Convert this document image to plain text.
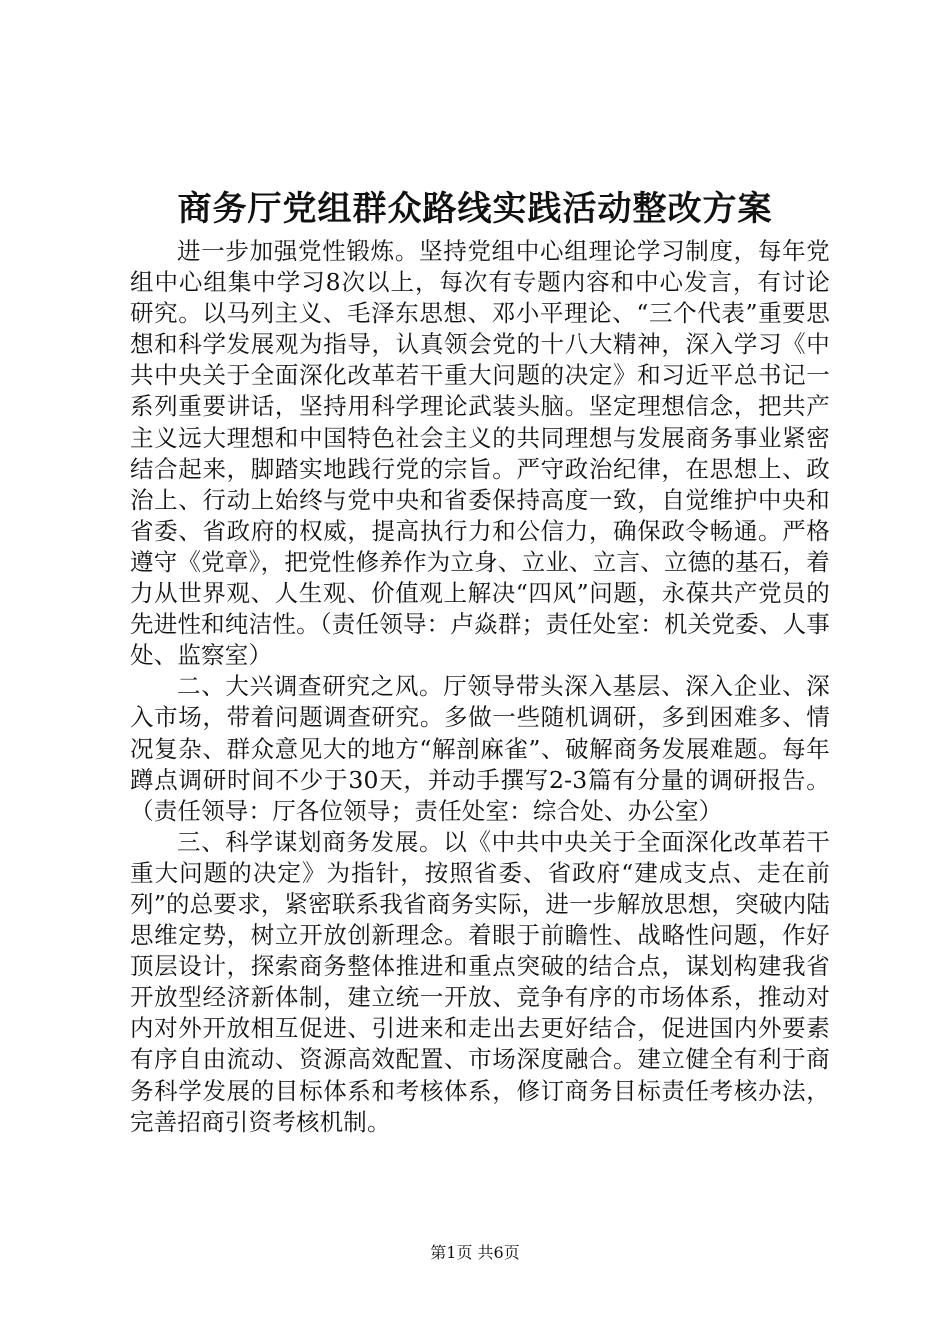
商务厅党组群众路线实践活动整改方案

进一步加强党性锻炼。坚持党组中心组理论学习制度，每年党组中心组集中学习8次以上，每次有专题内容和中心发言，有讨论研究。以马列主义、毛泽东思想、邓小平理论、“三个代表”重要思想和科学发展观为指导，认真领会党的十八大精神，深入学习《中共中央关于全面深化改革若干重大问题的决定》和习近平总书记一系列重要讲话，坚持用科学理论武装头脑。坚定理想信念，把共产主义远大理想和中国特色社会主义的共同理想与发展商务事业紧密结合起来，脚踏实地践行党的宗旨。严守政治纪律，在思想上、政治上、行动上始终与党中央和省委保持高度一致，自觉维护中央和省委、省政府的权威，提高执行力和公信力，确保政令畅通。严格遵守《党章》，把党性修养作为立身、立业、立言、立德的基石，着力从世界观、人生观、价值观上解决“四风”问题，永葆共产党员的先进性和纯洁性。（责任领导：卢焱群；责任处室：机关党委、人事处、监察室）

二、大兴调查研究之风。厅领导带头深入基层、深入企业、深入市场，带着问题调查研究。多做一些随机调研，多到困难多、情况复杂、群众意见大的地方“解剖麻雀”、破解商务发展难题。每年蹲点调研时间不少于30天，并动手撰写2-3篇有分量的调研报告。（责任领导：厅各位领导；责任处室：综合处、办公室）

三、科学谋划商务发展。以《中共中央关于全面深化改革若干重大问题的决定》为指针，按照省委、省政府“建成支点、走在前列”的总要求，紧密联系我省商务实际，进一步解放思想，突破内陆思维定势，树立开放创新理念。着眼于前瞻性、战略性问题，作好顶层设计，探索商务整体推进和重点突破的结合点，谋划构建我省开放型经济新体制，建立统一开放、竞争有序的市场体系，推动对内对外开放相互促进、引进来和走出去更好结合，促进国内外要素有序自由流动、资源高效配置、市场深度融合。建立健全有利于商务科学发展的目标体系和考核体系，修订商务目标责任考核办法，完善招商引资考核机制。

第1页 共6页
